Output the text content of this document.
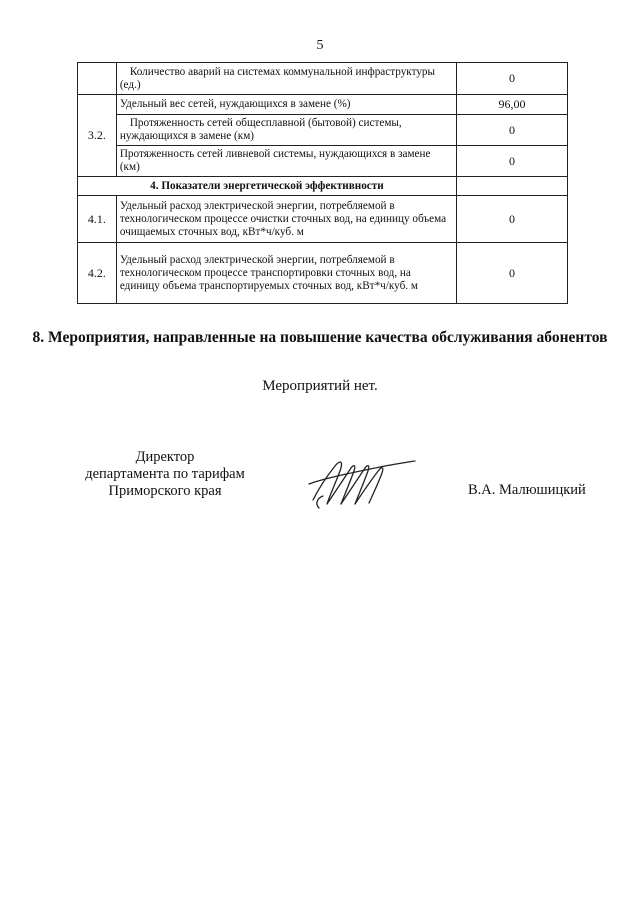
5
	Количество аварий на системах коммунальной инфраструктуры (ед.)	0
3.2.	Удельный вес сетей, нуждающихся в замене (%)	96,00
	Протяженность сетей общесплавной (бытовой) системы, нуждающихся в замене (км)	0
	Протяженность сетей ливневой системы, нуждающихся в замене (км)	0
4. Показатели энергетической эффективности		
4.1.	Удельный расход электрической энергии, потребляемой в технологическом процессе очистки сточных вод, на единицу объема очищаемых сточных вод, кВт*ч/куб. м	0
4.2.	Удельный расход электрической энергии, потребляемой в технологическом процессе транспортировки сточных вод, на единицу объема транспортируемых сточных вод, кВт*ч/куб. м	0
8. Мероприятия, направленные на повышение качества обслуживания абонентов
Мероприятий нет.
Директор
департамента по тарифам
Приморского края	В.А. Малюшицкий
